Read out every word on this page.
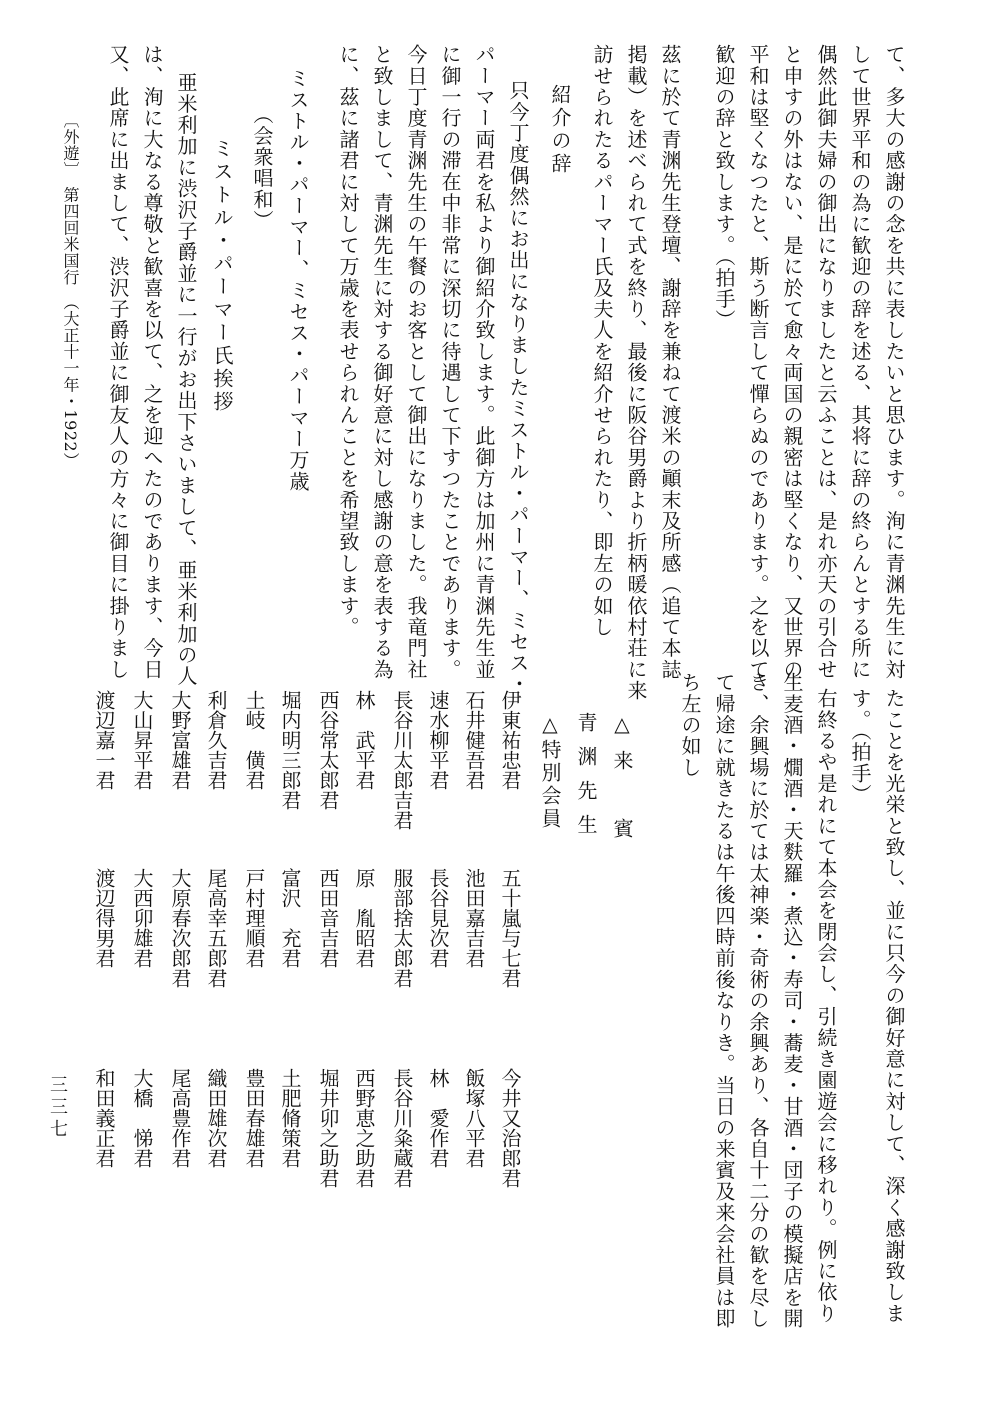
て、多大の感謝の念を共に表したいと思ひます。洵に青渊先生に対
して世界平和の為に歓迎の辞を述る、其将に辞の終らんとする所に
偶然此御夫婦の御出になりましたと云ふことは、是れ亦天の引合せ
と申すの外はない、是に於て愈々両国の親密は堅くなり、又世界の
平和は堅くなつたと、斯う断言して憚らぬのであります。之を以て
歓迎の辞と致します。（拍手）
茲に於て青渊先生登壇、謝辞を兼ねて渡米の顚末及所感（追て本誌
掲載）を述べられて式を終り、最後に阪谷男爵より折柄暖依村荘に来
訪せられたるパーマー氏及夫人を紹介せられたり、即左の如し
紹介の辞
只今丁度偶然にお出になりましたミストル・パーマー、ミセス・
パーマー両君を私より御紹介致します。此御方は加州に青渊先生並
に御一行の滞在中非常に深切に待遇して下すつたことであります。
今日丁度青渊先生の午餐のお客として御出になりました。我竜門社
と致しまして、青渊先生に対する御好意に対し感謝の意を表する為
に、茲に諸君に対して万歳を表せられんことを希望致します。
ミストル・パーマー、ミセス・パーマー万歳
（会衆唱和）
ミストル・パーマー氏挨拶
亜米利加に渋沢子爵並に一行がお出下さいまして、亜米利加の人
は、洵に大なる尊敬と歓喜を以て、之を迎へたのであります、今日
又、此席に出まして、渋沢子爵並に御友人の方々に御目に掛りまし
〔外遊〕　第四回米国行　（大正十一年・1922）
たことを光栄と致し、並に只今の御好意に対して、深く感謝致しま
す。（拍手）
右終るや是れにて本会を閉会し、引続き園遊会に移れり。例に依り
生麦酒・燗酒・天麩羅・煮込・寿司・蕎麦・甘酒・団子の模擬店を開
き、余興場に於ては太神楽・奇術の余興あり、各自十二分の歓を尽し
て帰途に就きたるは午後四時前後なりき。当日の来賓及来会社員は即
ち左の如し
△来　賓
青渊先生
△特別会員
伊東祐忠君
五十嵐与七君
今井又治郎君
石井健吾君
池田嘉吉君
飯塚八平君
速水柳平君
長谷見次君
林　愛作君
長谷川太郎吉君
服部捨太郎君
長谷川粂蔵君
林　武平君
原　胤昭君
西野恵之助君
西谷常太郎君
西田音吉君
堀井卯之助君
堀内明三郎君
富沢　充君
土肥脩策君
土岐　僙君
戸村理順君
豊田春雄君
利倉久吉君
尾高幸五郎君
織田雄次君
大野富雄君
大原春次郎君
尾高豊作君
大山昇平君
大西卯雄君
大橋　悌君
渡辺嘉一君
渡辺得男君
和田義正君
三三七
